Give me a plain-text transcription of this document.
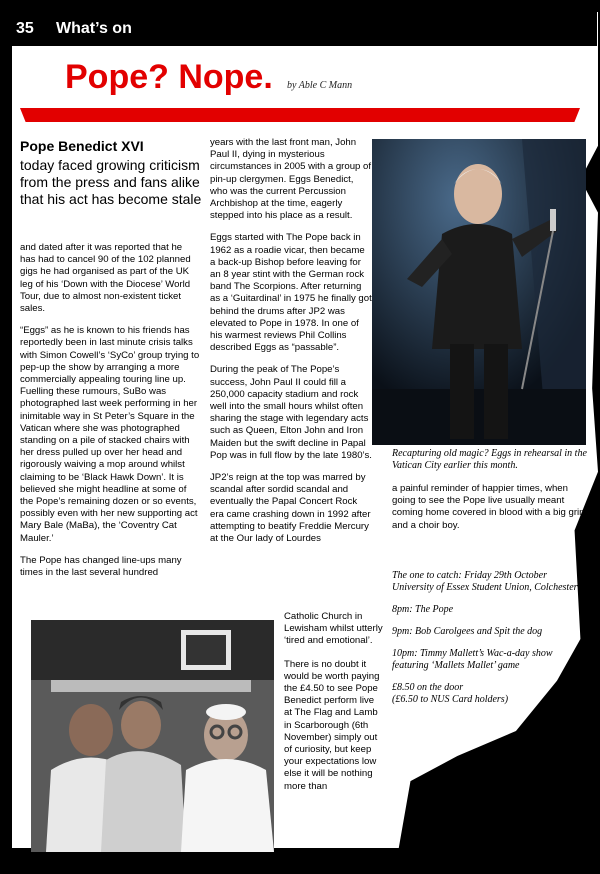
35 What’s on
Pope? Nope. by Able C Mann
Pope Benedict XVI
today faced growing criticism from the press and fans alike that his act has become stale

and dated after it was reported that he has had to cancel 90 of the 102 planned gigs he had organised as part of the UK leg of his ‘Down with the Diocese’ World Tour, due to almost non-existent ticket sales.

“Eggs” as he is known to his friends has reportedly been in last minute crisis talks with Simon Cowell’s ‘SyCo’ group trying to pep-up the show by arranging a more commercially appealing touring line up. Fuelling these rumours, SuBo was photographed last week performing in her inimitable way in St Peter’s Square in the Vatican where she was photographed standing on a pile of stacked chairs with her dress pulled up over her head and rigorously waiving a mop around whilst claiming to be ‘Black Hawk Down’. It is believed she might headline at some of the Pope’s remaining dozen or so events, possibly even with her new supporting act Mary Bale (MaBa), the ‘Coventry Cat Mauler.’

The Pope has changed line-ups many times in the last several hundred

years with the last front man, John Paul II, dying in mysterious circumstances in 2005 with a group of pin-up clergymen. Eggs Benedict, who was the current Percussion Archbishop at the time, eagerly stepped into his place as a result.

Eggs started with The Pope back in 1962 as a roadie vicar, then became a back-up Bishop before leaving for an 8 year stint with the German rock band The Scorpions. After returning as a ‘Guitardinal’ in 1975 he finally got behind the drums after JP2 was elevated to Pope in 1978. In one of his warmest reviews Phil Collins described Eggs as “passable”.

During the peak of The Pope’s success, John Paul II could fill a 250,000 capacity stadium and rock well into the small hours whilst often sharing the stage with legendary acts such as Queen, Elton John and Iron Maiden but the swift decline in Papal Pop was in full flow by the late 1980’s.

JP2’s reign at the top was marred by scandal after sordid scandal and eventually the Papal Concert Rock era came crashing down in 1992 after attempting to beatify Freddie Mercury at the Our lady of Lourdes

Catholic Church in Lewisham whilst utterly ‘tired and emotional’.

There is no doubt it would be worth paying the £4.50 to see Pope Benedict perform live at The Flag and Lamb in Scarborough (6th November) simply out of curiosity, but keep your expectations low else it will be nothing more than

Recapturing old magic? Eggs in rehearsal in the Vatican City earlier this month.
a painful reminder of happier times, when going to see the Pope live usually meant coming home covered in blood with a big grin and a choir boy.

The one to catch: Friday 29th October University of Essex Student Union, Colchester

8pm: The Pope

9pm: Bob Carolgees and Spit the dog

10pm: Timmy Mallett’s Wac-a-day show featuring ‘Mallets Mallet’ game

£8.50 on the door

(£6.50 to NUS Card holders)
